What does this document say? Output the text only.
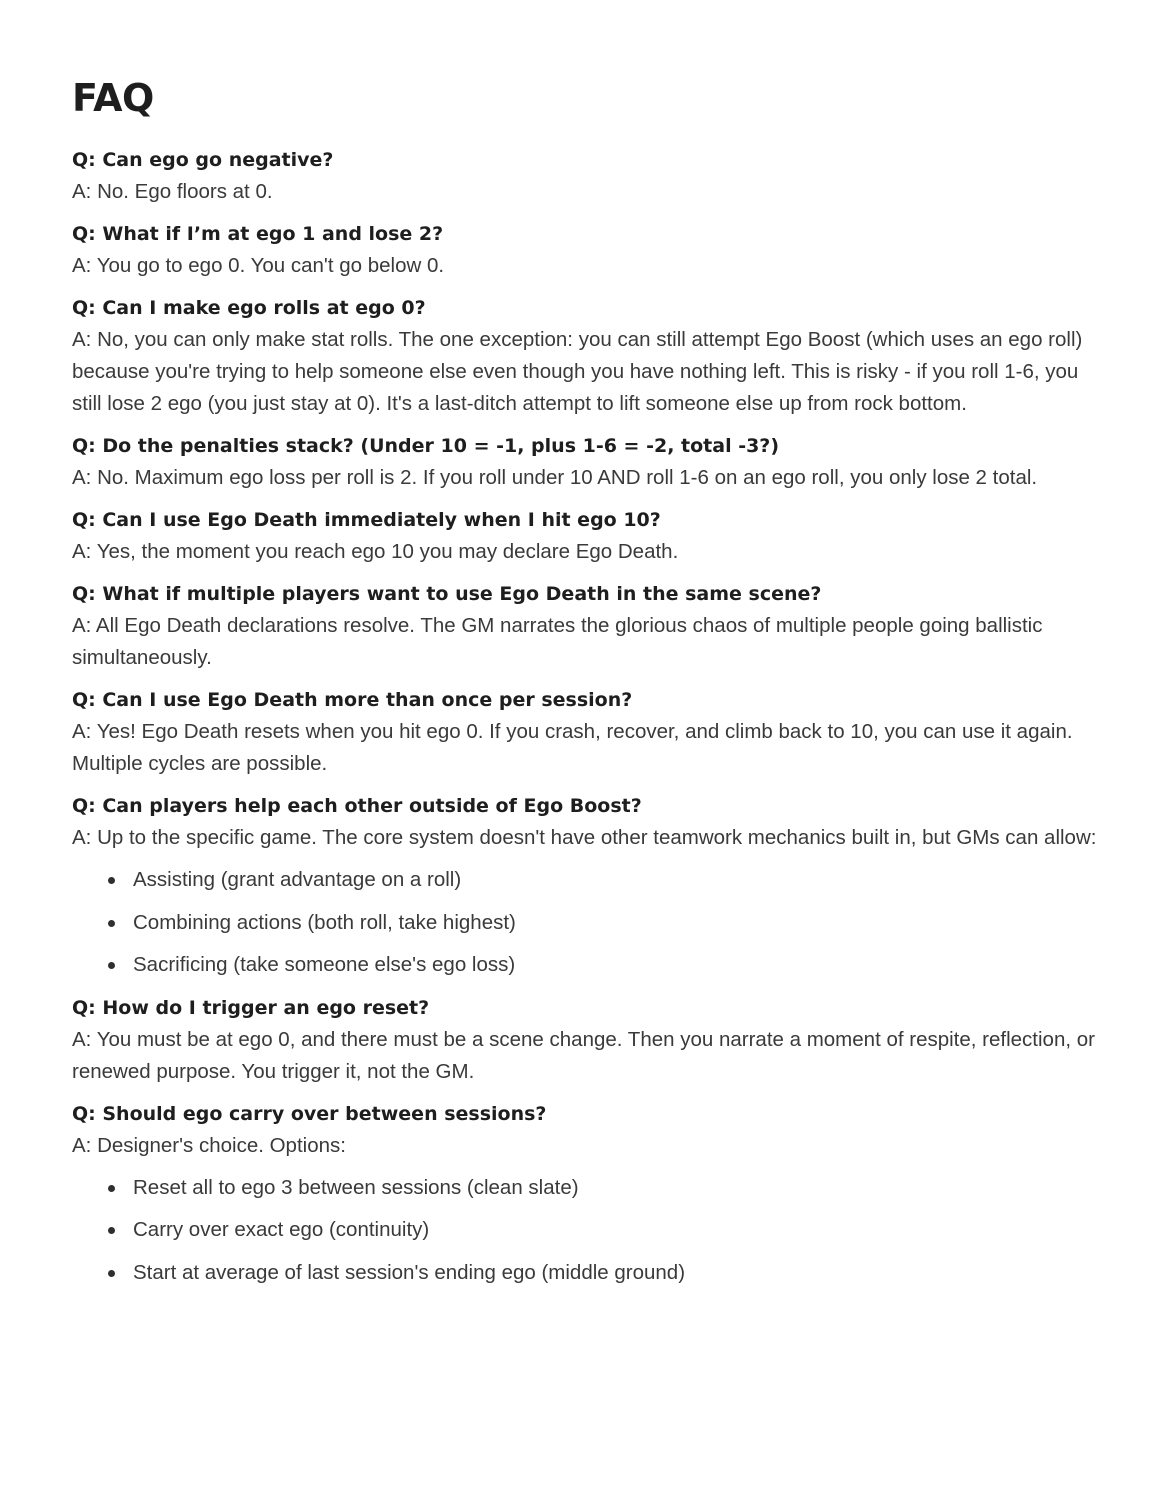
FAQ

Q: Can ego go negative?

A: No. Ego floors at 0.

Q: What if I’m at ego 1 and lose 2?

A: You go to ego 0. You can't go below 0.

Q: Can I make ego rolls at ego 0?

A: No, you can only make stat rolls. The one exception: you can still attempt Ego Boost (which uses an ego roll) because you're trying to help someone else even though you have nothing left. This is risky - if you roll 1-6, you still lose 2 ego (you just stay at 0). It's a last-ditch attempt to lift someone else up from rock bottom.

Q: Do the penalties stack? (Under 10 = -1, plus 1-6 = -2, total -3?)

A: No. Maximum ego loss per roll is 2. If you roll under 10 AND roll 1-6 on an ego roll, you only lose 2 total.

Q: Can I use Ego Death immediately when I hit ego 10?

A: Yes, the moment you reach ego 10 you may declare Ego Death.

Q: What if multiple players want to use Ego Death in the same scene?

A: All Ego Death declarations resolve. The GM narrates the glorious chaos of multiple people going ballistic simultaneously.

Q: Can I use Ego Death more than once per session?

A: Yes! Ego Death resets when you hit ego 0. If you crash, recover, and climb back to 10, you can use it again. Multiple cycles are possible.

Q: Can players help each other outside of Ego Boost?

A: Up to the specific game. The core system doesn't have other teamwork mechanics built in, but GMs can allow:

Assisting (grant advantage on a roll)
Combining actions (both roll, take highest)
Sacrificing (take someone else's ego loss)

Q: How do I trigger an ego reset?

A: You must be at ego 0, and there must be a scene change. Then you narrate a moment of respite, reflection, or renewed purpose. You trigger it, not the GM.

Q: Should ego carry over between sessions?

A: Designer's choice. Options:

Reset all to ego 3 between sessions (clean slate)
Carry over exact ego (continuity)
Start at average of last session's ending ego (middle ground)
